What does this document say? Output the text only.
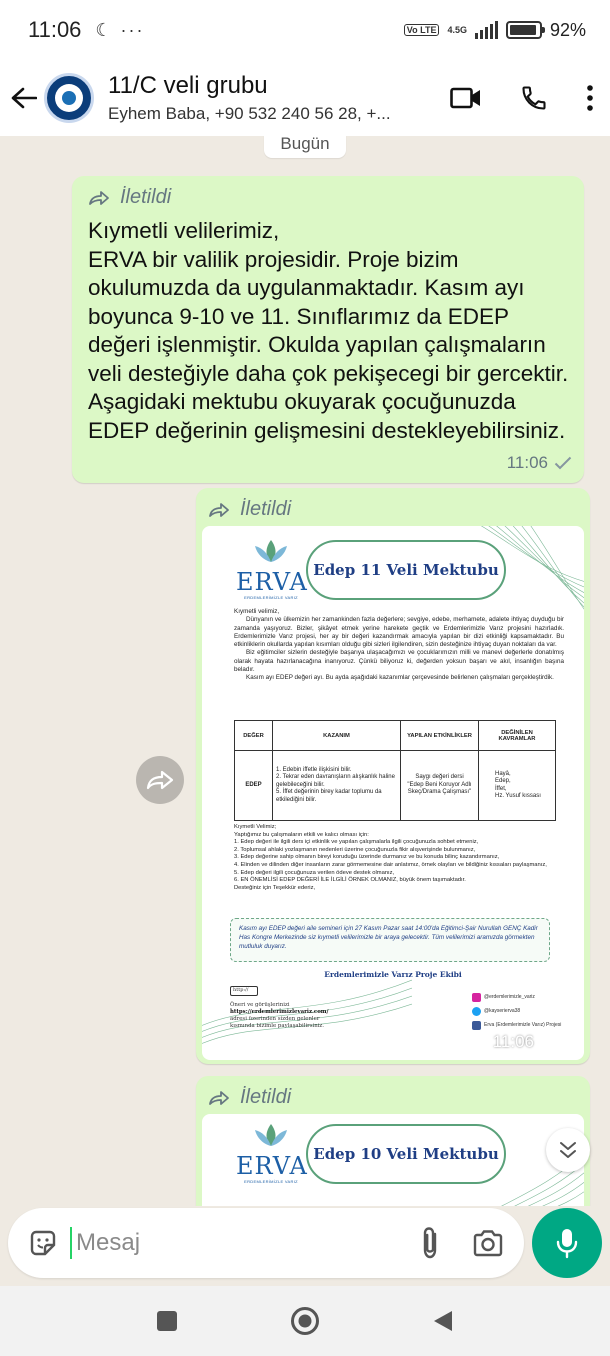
11:06 ☾ ···	Vo LTE	4.5G	92%
11/C veli grubu
Eyhem Baba, +90 532 240 56 28, +...
Bugün
İletildi
Kıymetli velilerimiz,
ERVA bir valilik projesidir. Proje bizim okulumuzda da uygulanmaktadır. Kasım ayı boyunca 9-10 ve 11. Sınıflarımız da EDEP değeri işlenmiştir. Okulda yapılan çalışmaların veli desteğiyle daha çok pekişecegi bir gercektir. Aşagidaki mektubu okuyarak çocuğunuzda EDEP değerinin gelişmesini destekleyebilirsiniz.
11:06
İletildi
ERVA
ERDEMLERİMİZLE VARIZ
Edep 11 Veli Mektubu

Kıymetli velimiz,

Dünyanın ve ülkemizin her zamankinden fazla değerlere; sevgiye, edebe, merhamete, adalete ihtiyaç duyduğu bir zamanda yaşıyoruz. Bizler, şikâyet etmek yerine harekete geçtik ve Erdemlerimizle Varız projesini hazırladık. Erdemlerimizle Varız projesi, her ay bir değeri kazandırmak amacıyla yapılan bir dizi etkinliği kapsamaktadır. Bu etkinliklerin okullarda yapılan kısımları olduğu gibi sizleri ilgilendiren, sizin desteğinize ihtiyaç duyan noktaları da var.

Biz eğitimciler sizlerin desteğiyle başarıya ulaşacağımızı ve çocuklarımızın milli ve manevi değerlerle donatılmış olarak hayata hazırlanacağına inanıyoruz. Çünkü biliyoruz ki, değerden yoksun başarı ve akıl, insanlığın başına beladır.

Kasım ayı EDEP değeri ayı. Bu ayda aşağıdaki kazanımlar çerçevesinde belirlenen çalışmaları gerçekleştirdik.

DEĞER	KAZANIM	YAPILAN ETKİNLİKLER	DEĞİNİLEN KAVRAMLAR
EDEP	1. Edebin iffetle ilişkisini bilir.
2. Tekrar eden davranışların alışkanlık haline gelebileceğini bilir.
5. İffet değerinin birey kadar toplumu da etkilediğini bilir.	Saygı değeri dersi
"Edep Beni Koruyor Adlı Skeç/Drama Çalışması"	Hayâ,
Edep,
İffet,
Hz. Yusuf kıssası
Kıymetli Velimiz;
Yaptığımız bu çalışmaların etkili ve kalıcı olması için:
1. Edep değeri ile ilgili ders içi etkinlik ve yapılan çalışmalarla ilgili çocuğunuzla sohbet etmeniz,
2. Toplumsal ahlaki yozlaşmanın nedenleri üzerine çocuğunuzla fikir alışverişinde bulunmanız,
3. Edep değerine sahip olmanın bireyi koruduğu üzerinde durmanız ve bu konuda bilinç kazandırmanız,
4. Elinden ve dilinden diğer insanların zarar görmemesine dair anlatımız, örnek olayları ve bildiğiniz kıssaları paylaşmanız,
5. Edep değeri ilgili çocuğunuza verilen ödeve destek olmanız,
6. EN ÖNEMLİSİ EDEP DEĞERİ İLE İLGİLİ ÖRNEK OLMANIZ, büyük önem taşımaktadır.
Desteğiniz için Teşekkür ederiz,
Kasım ayı EDEP değeri aile semineri için 27 Kasım Pazar saat 14:00'da Eğitimci-Şair Nurullah GENÇ Kadir Has Kongre Merkezinde siz kıymetli velilerimizle bir araya gelecektir. Tüm velilerimizi aramızda görmekten mutluluk duyarız.
Erdemlerimizle Varız Proje Ekibi
http://
Öneri ve görüşlerinizi
https://erdemlerimizlevariz.com/
adresi üzerinden sizden gelenler
kısmında bizimle paylaşabilirsiniz.
@erdemlerimizle_variz
@kayserierva38
Erva (Erdemlerimizle Varız) Projesi
11:06
İletildi
ERVA
ERDEMLERİMİZLE VARIZ
Edep 10 Veli Mektubu
Mesaj
